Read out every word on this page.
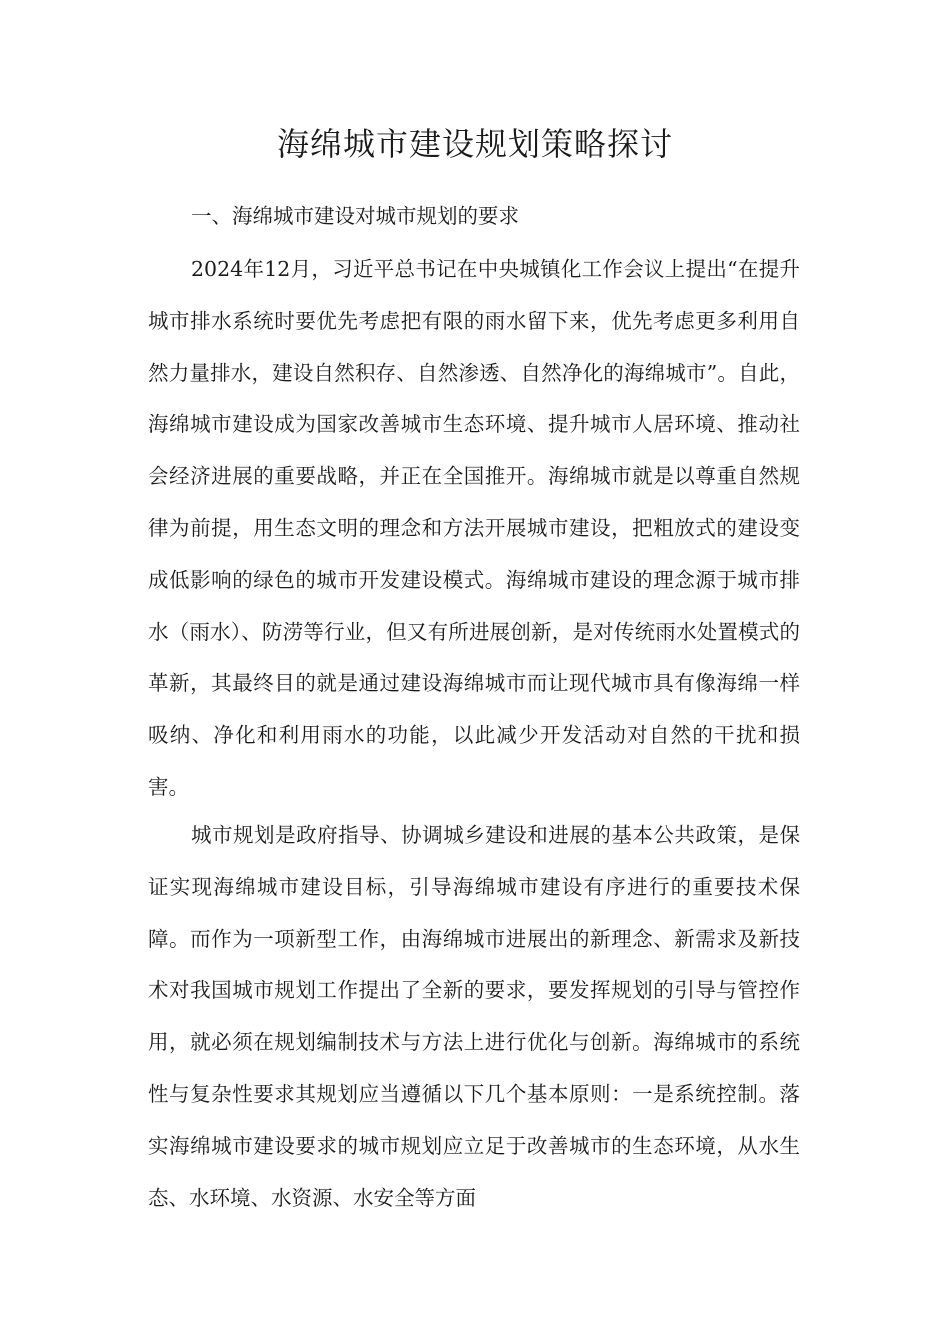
海绵城市建设规划策略探讨

一、海绵城市建设对城市规划的要求

2024年12月，习近平总书记在中央城镇化工作会议上提出“在提升城市排水系统时要优先考虑把有限的雨水留下来，优先考虑更多利用自然力量排水，建设自然积存、自然渗透、自然净化的海绵城市”。自此，海绵城市建设成为国家改善城市生态环境、提升城市人居环境、推动社会经济进展的重要战略，并正在全国推开。海绵城市就是以尊重自然规律为前提，用生态文明的理念和方法开展城市建设，把粗放式的建设变成低影响的绿色的城市开发建设模式。海绵城市建设的理念源于城市排水（雨水）、防涝等行业，但又有所进展创新，是对传统雨水处置模式的革新，其最终目的就是通过建设海绵城市而让现代城市具有像海绵一样吸纳、净化和利用雨水的功能，以此减少开发活动对自然的干扰和损害。

城市规划是政府指导、协调城乡建设和进展的基本公共政策，是保证实现海绵城市建设目标，引导海绵城市建设有序进行的重要技术保障。而作为一项新型工作，由海绵城市进展出的新理念、新需求及新技术对我国城市规划工作提出了全新的要求，要发挥规划的引导与管控作用，就必须在规划编制技术与方法上进行优化与创新。海绵城市的系统性与复杂性要求其规划应当遵循以下几个基本原则：一是系统控制。落实海绵城市建设要求的城市规划应立足于改善城市的生态环境，从水生态、水环境、水资源、水安全等方面
